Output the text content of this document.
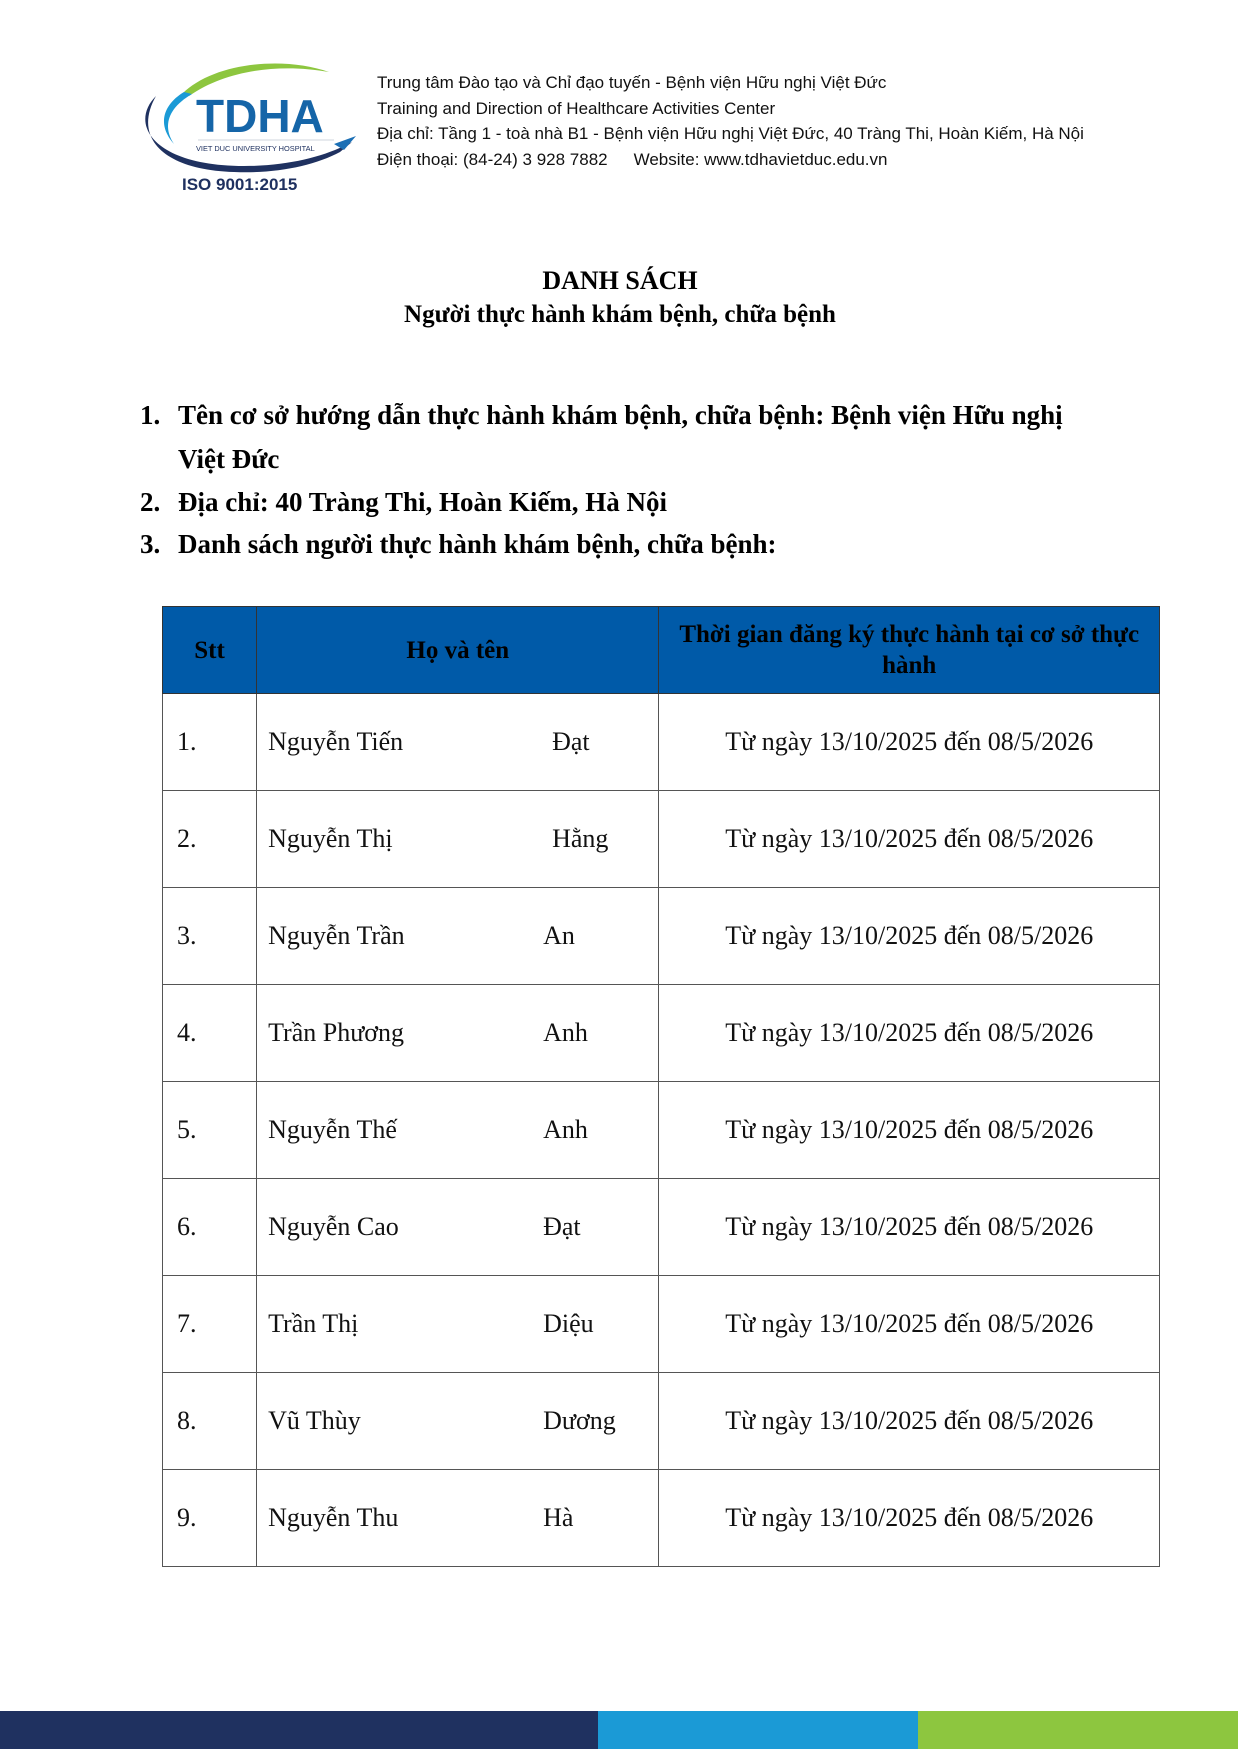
TDHA
VIET DUC UNIVERSITY HOSPITAL
ISO 9001:2015
Trung tâm Đào tạo và Chỉ đạo tuyến - Bệnh viện Hữu nghị Việt Đức
Training and Direction of Healthcare Activities Center
Địa chỉ: Tầng 1 - toà nhà B1 - Bệnh viện Hữu nghị Việt Đức, 40 Tràng Thi, Hoàn Kiếm, Hà Nội
Điện thoại: (84-24) 3 928 7882 Website: www.tdhavietduc.edu.vn
DANH SÁCH
Người thực hành khám bệnh, chữa bệnh
1. Tên cơ sở hướng dẫn thực hành khám bệnh, chữa bệnh: Bệnh viện Hữu nghị
Việt Đức
2. Địa chỉ: 40 Tràng Thi, Hoàn Kiếm, Hà Nội
3. Danh sách người thực hành khám bệnh, chữa bệnh:
Stt	Họ và tên	Thời gian đăng ký thực hành tại cơ sở thực hành
1.	Nguyễn Tiến Đạt	Từ ngày 13/10/2025 đến 08/5/2026
2.	Nguyễn Thị Hằng	Từ ngày 13/10/2025 đến 08/5/2026
3.	Nguyễn Trần An	Từ ngày 13/10/2025 đến 08/5/2026
4.	Trần Phương Anh	Từ ngày 13/10/2025 đến 08/5/2026
5.	Nguyễn Thế Anh	Từ ngày 13/10/2025 đến 08/5/2026
6.	Nguyễn Cao Đạt	Từ ngày 13/10/2025 đến 08/5/2026
7.	Trần Thị Diệu	Từ ngày 13/10/2025 đến 08/5/2026
8.	Vũ Thùy Dương	Từ ngày 13/10/2025 đến 08/5/2026
9.	Nguyễn Thu Hà	Từ ngày 13/10/2025 đến 08/5/2026
